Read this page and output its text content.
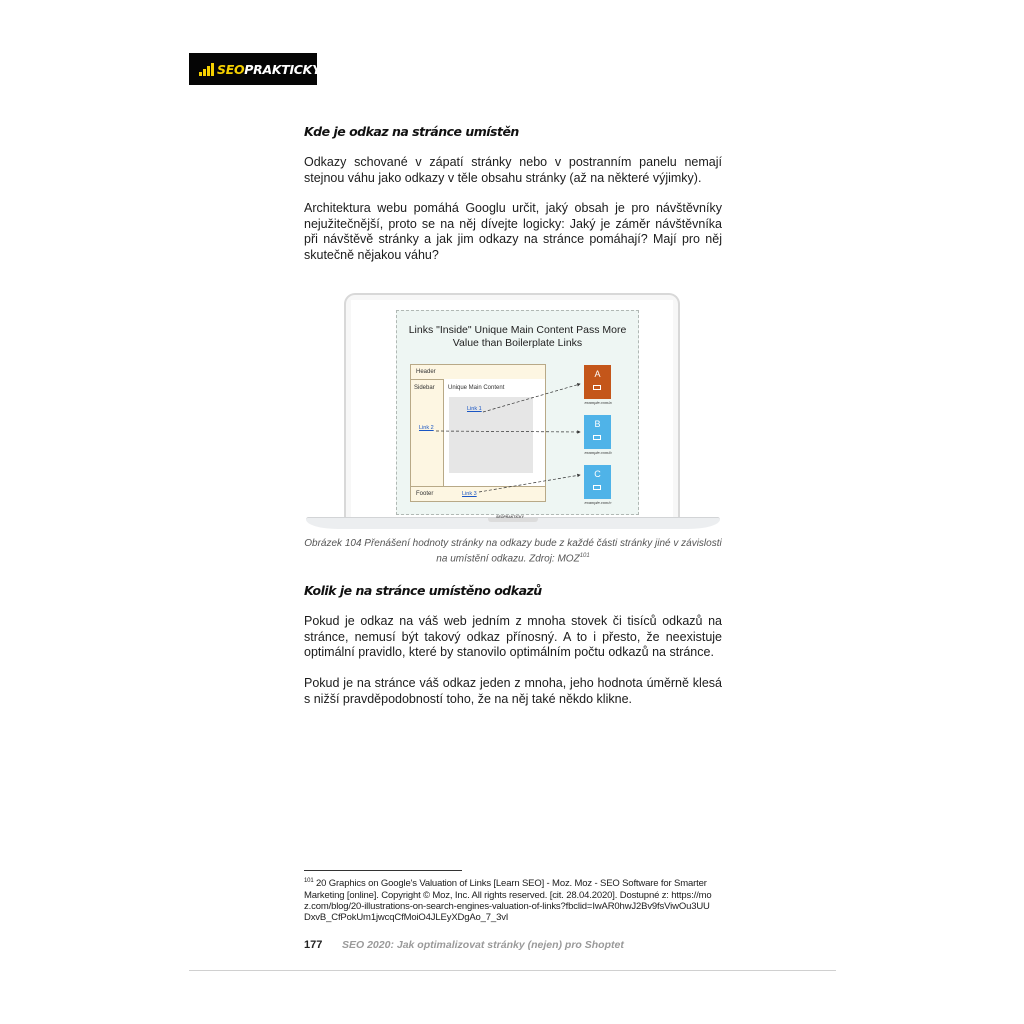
SEOPRAKTICKY
Kde je odkaz na stránce umístěn

Odkazy schované v zápatí stránky nebo v postranním panelu nemají stejnou váhu jako odkazy v těle obsahu stránky (až na některé výjimky).

Architektura webu pomáhá Googlu určit, jaký obsah je pro návštěvníky nejužitečnější, proto se na něj dívejte logicky: Jaký je záměr návštěvníka při návštěvě stránky a jak jim odkazy na stránce pomáhají? Mají pro něj skutečně nějakou váhu?

Links "Inside" Unique Main Content Pass More
Value than Boilerplate Links
Header
Sidebar
Link 2
Unique Main Content
Link 1
Footer	Link 3
A
example.com/a
B
example.com/b
C
example.com/c
SEOPRAKTICKY

Obrázek 104 Přenášení hodnoty stránky na odkazy bude z každé části stránky jiné v závislosti na umístění odkazu. Zdroj: MOZ$^{101}$

Kolik je na stránce umístěno odkazů

Pokud je odkaz na váš web jedním z mnoha stovek či tisíců odkazů na stránce, nemusí být takový odkaz přínosný. A to i přesto, že neexistuje optimální pravidlo, které by stanovilo optimálním počtu odkazů na stránce.

Pokud je na stránce váš odkaz jeden z mnoha, jeho hodnota úměrně klesá s nižší pravděpodobností toho, že na něj také někdo klikne.

$^{101}$ 20 Graphics on Google's Valuation of Links [Learn SEO] - Moz. Moz - SEO Software for Smarter Marketing [online]. Copyright © Moz, Inc. All rights reserved. [cit. 28.04.2020]. Dostupné z: https://moz.com/blog/20-illustrations-on-search-engines-valuation-of-links?fbclid=IwAR0hwJ2Bv9fsViwOu3UUDxvB_CfPokUm1jwcqCfMoiO4JLEyXDgAo_7_3vI

177 SEO 2020: Jak optimalizovat stránky (nejen) pro Shoptet
